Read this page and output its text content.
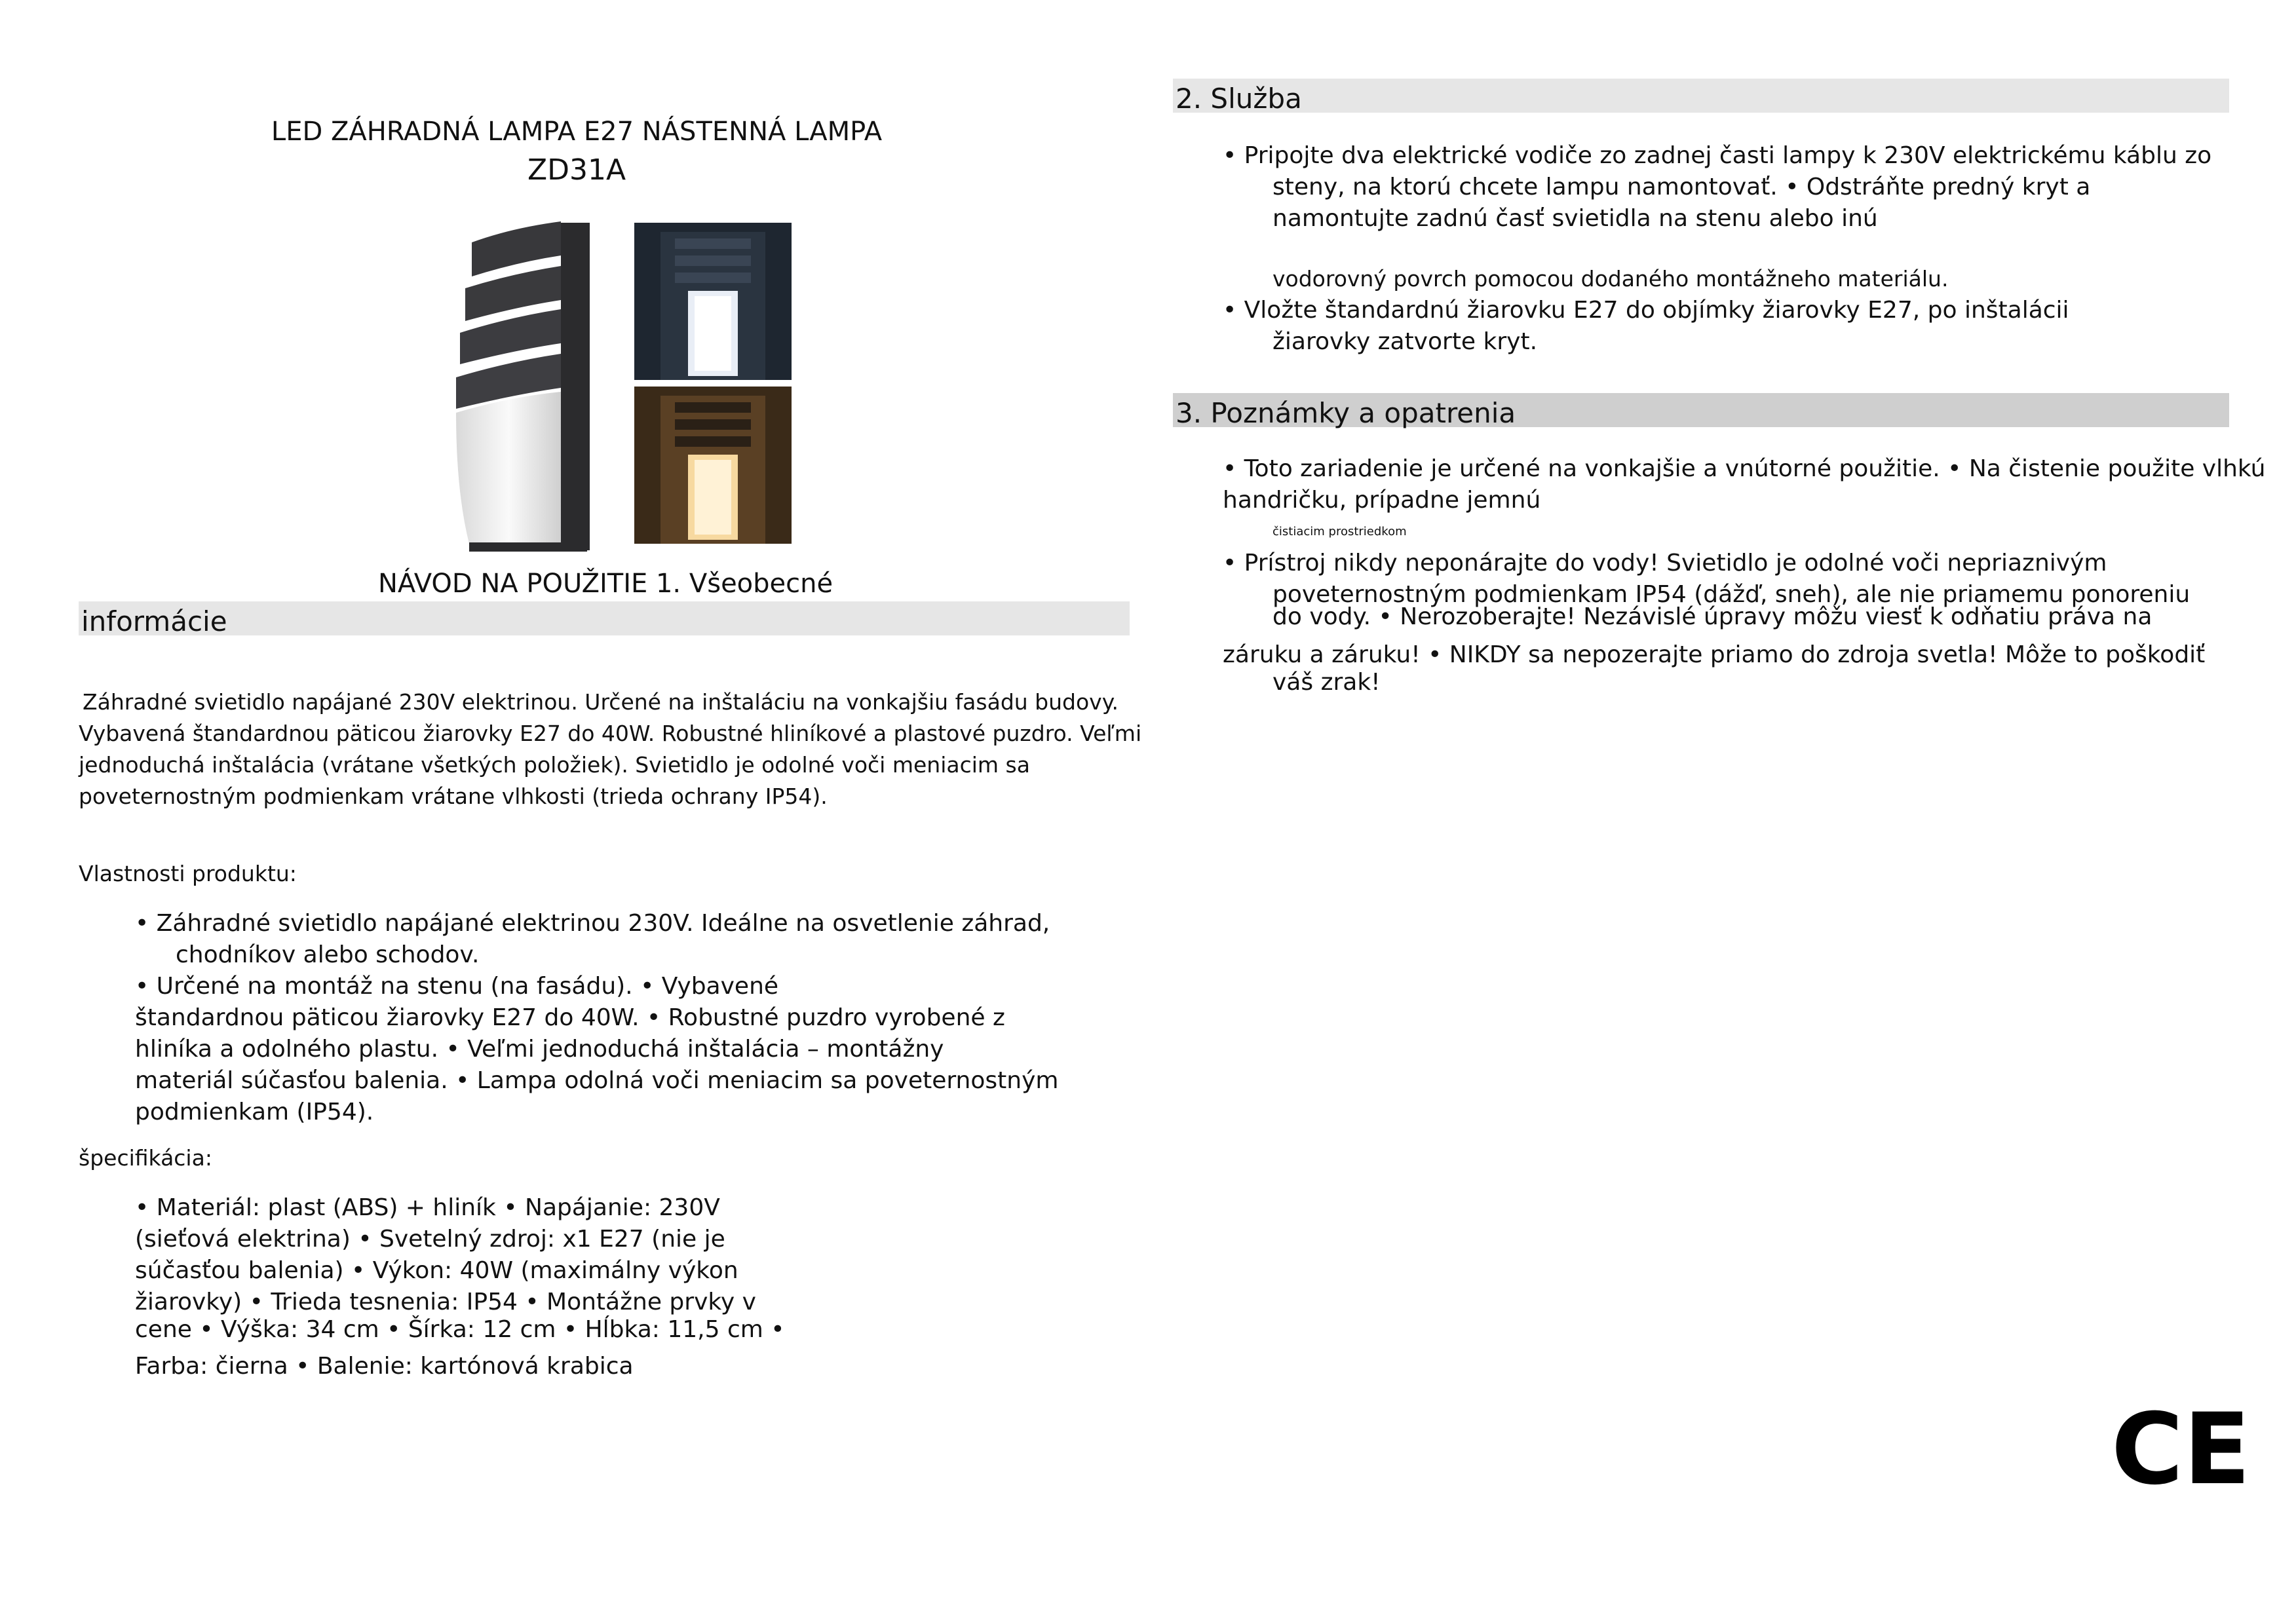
LED ZÁHRADNÁ LAMPA E27 NÁSTENNÁ LAMPA
ZD31A
NÁVOD NA POUŽITIE 1. Všeobecné
informácie
Záhradné svietidlo napájané 230V elektrinou. Určené na inštaláciu na vonkajšiu fasádu budovy.
Vybavená štandardnou päticou žiarovky E27 do 40W. Robustné hliníkové a plastové puzdro. Veľmi
jednoduchá inštalácia (vrátane všetkých položiek). Svietidlo je odolné voči meniacim sa
poveternostným podmienkam vrátane vlhkosti (trieda ochrany IP54).
Vlastnosti produktu:
• Záhradné svietidlo napájané elektrinou 230V. Ideálne na osvetlenie záhrad,
chodníkov alebo schodov.
• Určené na montáž na stenu (na fasádu). • Vybavené
štandardnou päticou žiarovky E27 do 40W. • Robustné puzdro vyrobené z
hliníka a odolného plastu. • Veľmi jednoduchá inštalácia – montážny
materiál súčasťou balenia. • Lampa odolná voči meniacim sa poveternostným
podmienkam (IP54).
špecifikácia:
• Materiál: plast (ABS) + hliník • Napájanie: 230V
(sieťová elektrina) • Svetelný zdroj: x1 E27 (nie je
súčasťou balenia) • Výkon: 40W (maximálny výkon
žiarovky) • Trieda tesnenia: IP54 • Montážne prvky v
cene • Výška: 34 cm • Šírka: 12 cm • Hĺbka: 11,5 cm •
Farba: čierna • Balenie: kartónová krabica
2. Služba
• Pripojte dva elektrické vodiče zo zadnej časti lampy k 230V elektrickému káblu zo
steny, na ktorú chcete lampu namontovať. • Odstráňte predný kryt a
namontujte zadnú časť svietidla na stenu alebo inú
vodorovný povrch pomocou dodaného montážneho materiálu.
• Vložte štandardnú žiarovku E27 do objímky žiarovky E27, po inštalácii
žiarovky zatvorte kryt.
3. Poznámky a opatrenia
• Toto zariadenie je určené na vonkajšie a vnútorné použitie. • Na čistenie použite vlhkú
handričku, prípadne jemnú
čistiacim prostriedkom
• Prístroj nikdy neponárajte do vody! Svietidlo je odolné voči nepriaznivým
poveternostným podmienkam IP54 (dážď, sneh), ale nie priamemu ponoreniu
do vody. • Nerozoberajte! Nezávislé úpravy môžu viesť k odňatiu práva na
záruku a záruku! • NIKDY sa nepozerajte priamo do zdroja svetla! Môže to poškodiť
váš zrak!
CE
